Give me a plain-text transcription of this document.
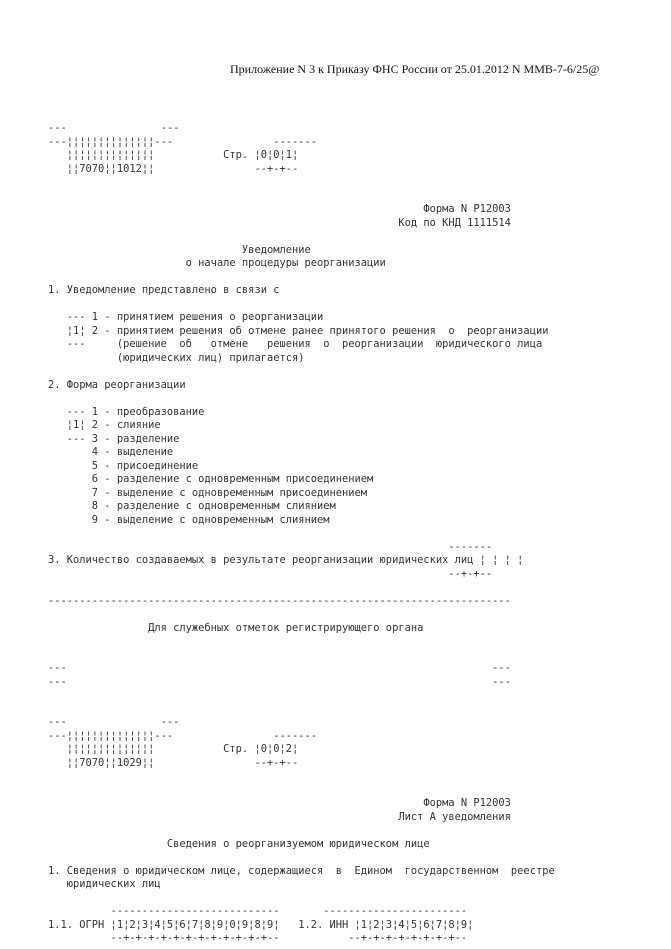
Приложение N 3 к Приказу ФНС России от 25.01.2012 N ММВ-7-6/25@
---               ---
---¦¦¦¦¦¦¦¦¦¦¦¦¦¦---                -------
¦¦¦¦¦¦¦¦¦¦¦¦¦¦           Стр. ¦0¦0¦1¦
¦¦7070¦¦1012¦¦                --+-+--
Форма N Р12003
Код по КНД 1111514
Уведомление
о начале процедуры реорганизации
1. Уведомление представлено в связи с
--- 1 - принятием решения о реорганизации
¦1¦ 2 - принятием решения об отмене ранее принятого решения  о  реорганизации
---     (решение  об   отмене   решения  о  реорганизации  юридического лица
(юридических лиц) прилагается)
2. Форма реорганизации
--- 1 - преобразование
¦1¦ 2 - слияние
--- 3 - разделение
4 - выделение
5 - присоединение
6 - разделение с одновременным присоединением
7 - выделение с одновременным присоединением
8 - разделение с одновременным слиянием
9 - выделение с одновременным слиянием
-------
3. Количество создаваемых в результате реорганизации юридических лиц ¦ ¦ ¦ ¦
--+-+--
--------------------------------------------------------------------------
Для служебных отметок регистрирующего органа
---                                                                    ---
---                                                                    ---
---               ---
---¦¦¦¦¦¦¦¦¦¦¦¦¦¦---                -------
¦¦¦¦¦¦¦¦¦¦¦¦¦¦           Стр. ¦0¦0¦2¦
¦¦7070¦¦1029¦¦                --+-+--
Форма N Р12003
Лист А уведомления
Сведения о реорганизуемом юридическом лице
1. Сведения о юридическом лице, содержащиеся  в  Едином  государственном  реестре
юридических лиц
---------------------------       -----------------------
1.1. ОГРН ¦1¦2¦3¦4¦5¦6¦7¦8¦9¦0¦9¦8¦9¦   1.2. ИНН ¦1¦2¦3¦4¦5¦6¦7¦8¦9¦
--+-+-+-+-+-+-+-+-+-+-+-+--           --+-+-+-+-+-+-+-+--
